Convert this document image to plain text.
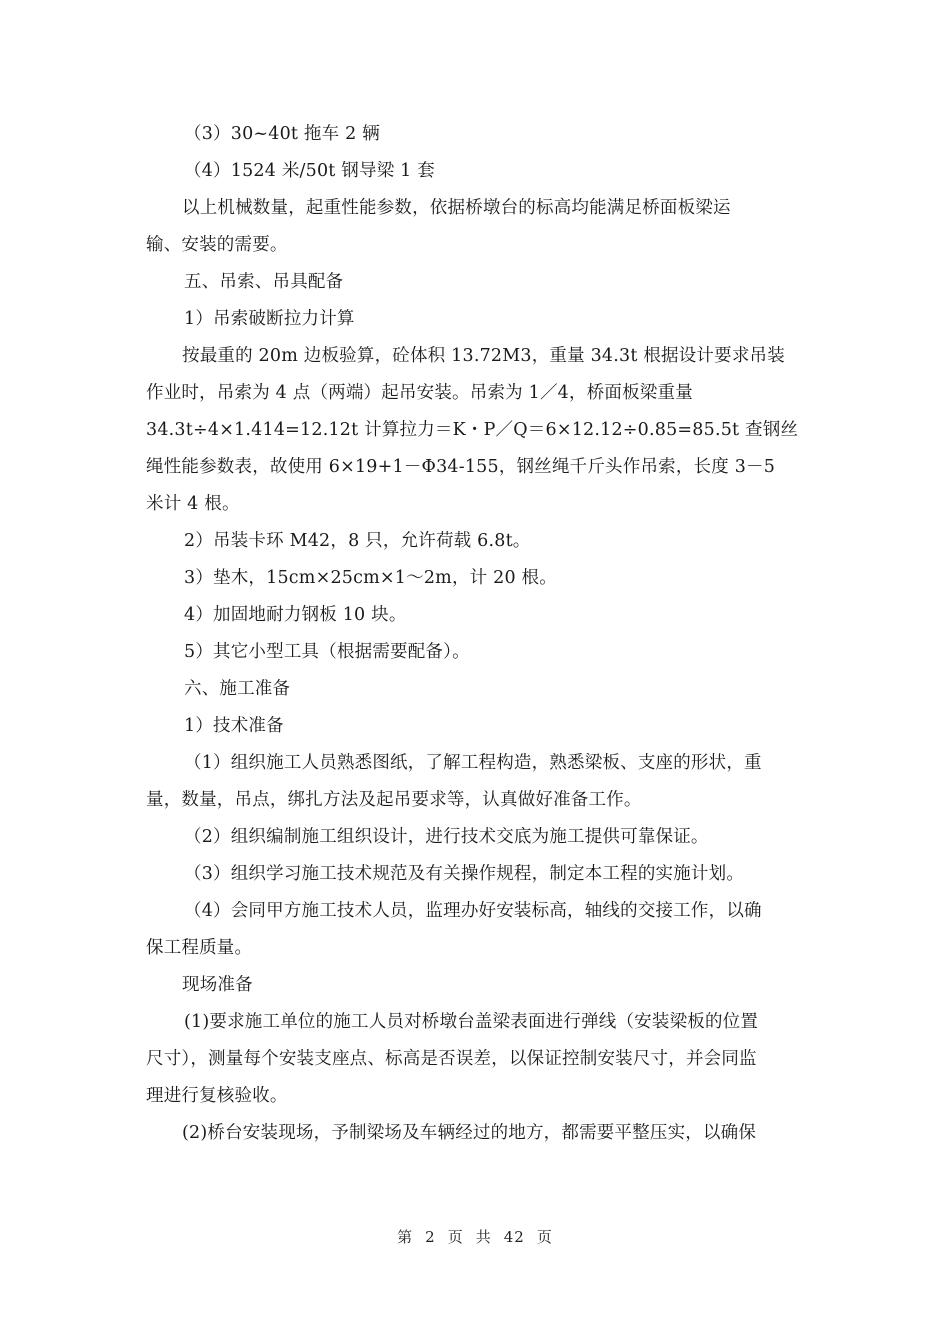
（3）30~40t 拖车 2 辆
（4）1524 米/50t 钢导梁 1 套
以上机械数量，起重性能参数，依据桥墩台的标高均能满足桥面板梁运
输、安装的需要。
五、吊索、吊具配备
1）吊索破断拉力计算
按最重的 20m 边板验算，砼体积 13.72M3，重量 34.3t 根据设计要求吊装
作业时，吊索为 4 点（两端）起吊安装。吊索为 1／4，桥面板梁重量
34.3t÷4×1.414=12.12t 计算拉力＝K・P／Q＝6×12.12÷0.85=85.5t 查钢丝
绳性能参数表，故使用 6×19+1－Φ34-155，钢丝绳千斤头作吊索，长度 3－5
米计 4 根。
2）吊装卡环 M42，8 只，允许荷载 6.8t。
3）垫木，15cm×25cm×1～2m，计 20 根。
4）加固地耐力钢板 10 块。
5）其它小型工具（根据需要配备）。
六、施工准备
1）技术准备
（1）组织施工人员熟悉图纸，了解工程构造，熟悉梁板、支座的形状，重
量，数量，吊点，绑扎方法及起吊要求等，认真做好准备工作。
（2）组织编制施工组织设计，进行技术交底为施工提供可靠保证。
（3）组织学习施工技术规范及有关操作规程，制定本工程的实施计划。
（4）会同甲方施工技术人员，监理办好安装标高，轴线的交接工作，以确
保工程质量。
现场准备
(1)要求施工单位的施工人员对桥墩台盖梁表面进行弹线（安装梁板的位置
尺寸），测量每个安装支座点、标高是否误差，以保证控制安装尺寸，并会同监
理进行复核验收。
(2)桥台安装现场，予制梁场及车辆经过的地方，都需要平整压实，以确保
第 2 页 共 42 页
